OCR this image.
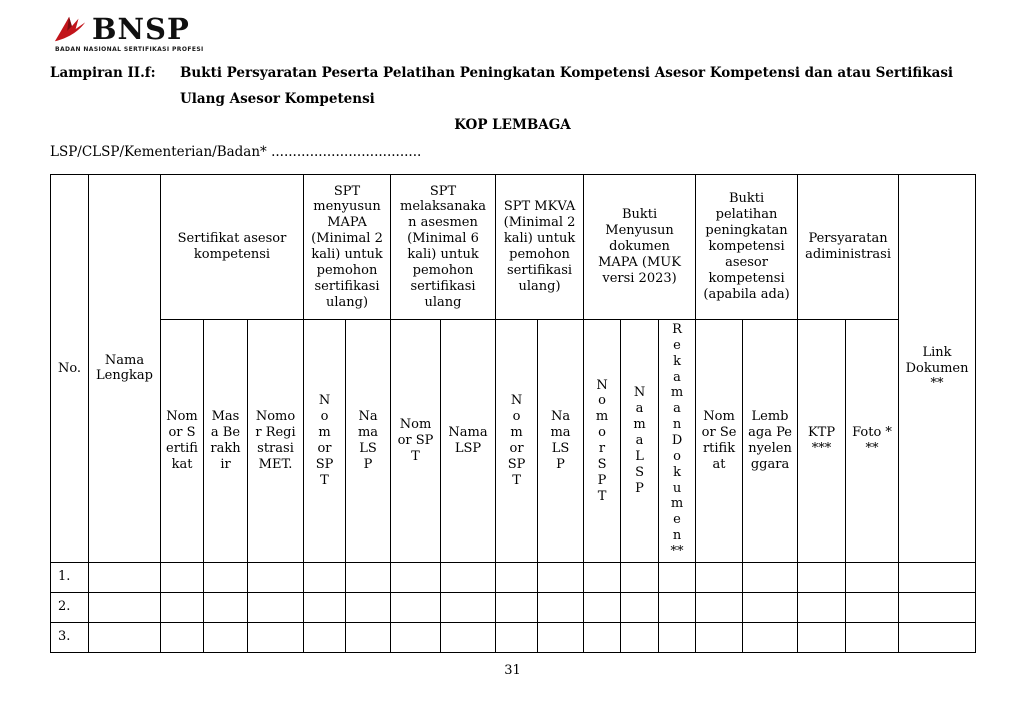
BNSP
BADAN NASIONAL SERTIFIKASI PROFESI
Lampiran II.f:	Bukti Persyaratan Peserta Pelatihan Peningkatan Kompetensi Asesor Kompetensi dan atau Sertifikasi
Ulang Asesor Kompetensi
KOP LEMBAGA
LSP/CLSP/Kementerian/Badan* ...................................
No.	Nama Lengkap	Sertifikat asesor kompetensi			SPT menyusun MAPA (Minimal 2 kali) untuk pemohon sertifikasi ulang)		SPT melaksanakan asesmen (Minimal 6 kali) untuk pemohon sertifikasi ulang		SPT MKVA (Minimal 2 kali) untuk pemohon sertifikasi ulang)		Bukti Menyusun dokumen MAPA (MUK versi 2023)			Bukti pelatihan peningkatan kompetensi asesor kompetensi (apabila ada)		Persyaratan adiministrasi		Link Dokumen **
		Nomor Sertifikat	Masa Berakhir	Nomor Registrasi MET.	Nomor SPT	Nama LSP	Nomor SPT	Nama LSP	Nomor SPT	Nama LSP	Nomor SPT	Nama LSP	Rekaman Dokumen **	Nomor Sertifikat	Lembaga Penyelenggara	KTP ***	Foto ***	
1.																		
2.																		
3.																		
31
